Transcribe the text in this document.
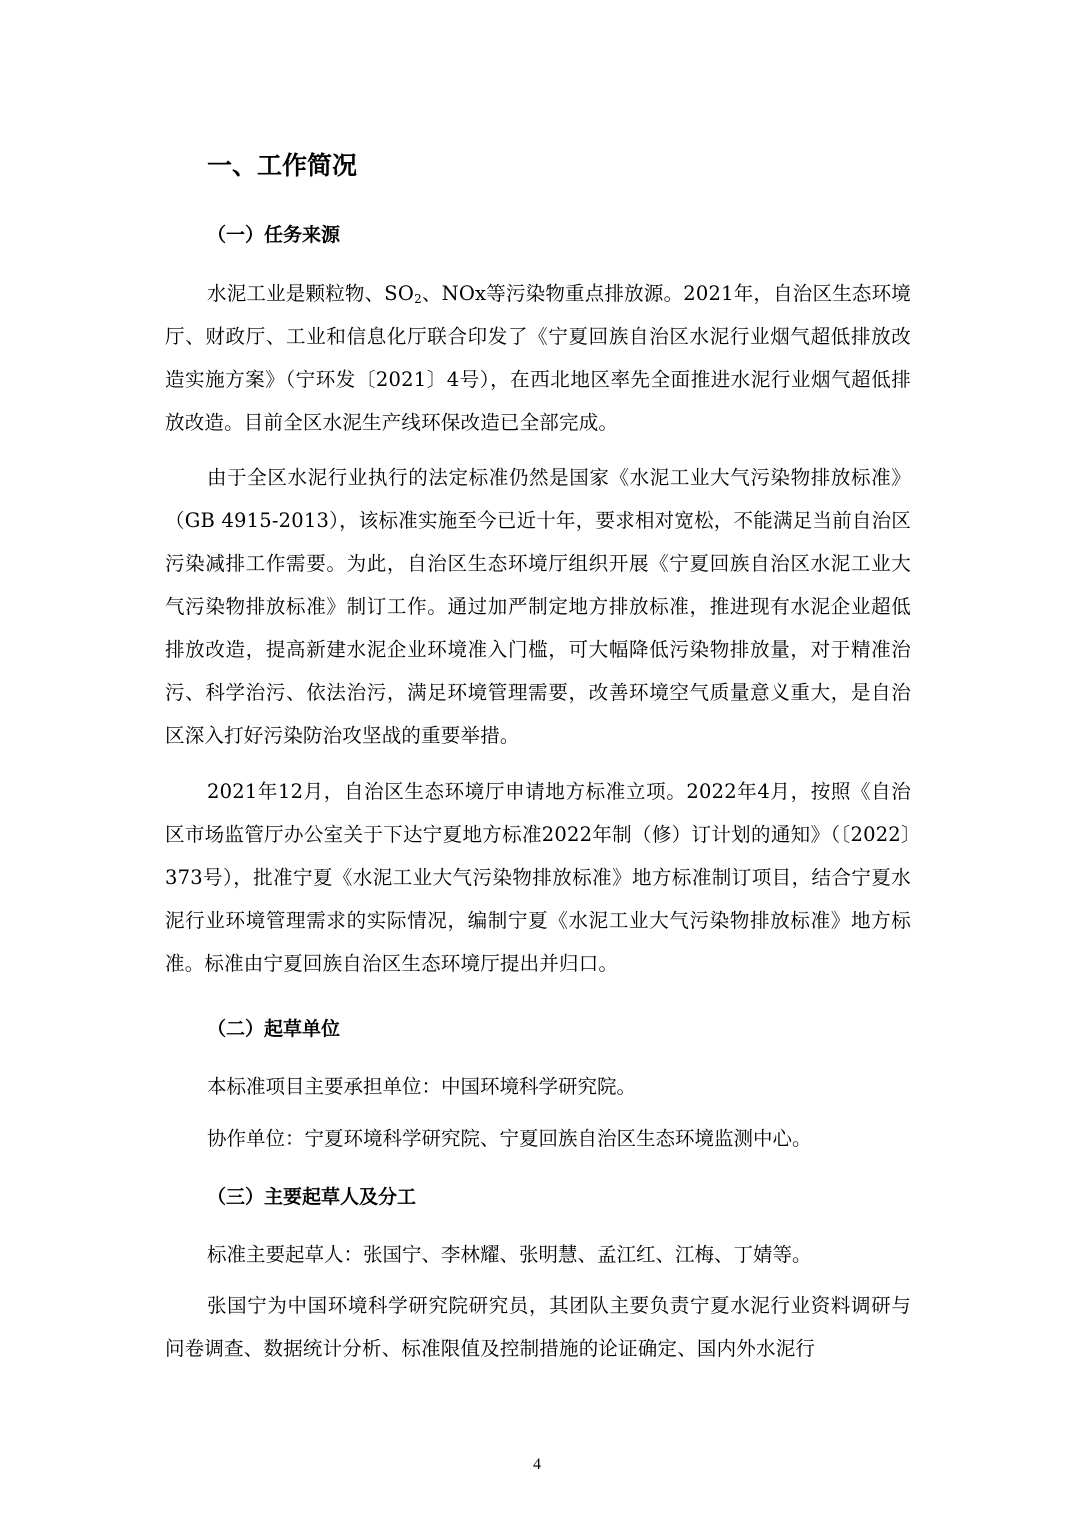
一、工作简况
（一）任务来源
水泥工业是颗粒物、$SO_2$、NOx等污染物重点排放源。2021年，自治区生态环境厅、财政厅、工业和信息化厅联合印发了《宁夏回族自治区水泥行业烟气超低排放改造实施方案》（宁环发〔2021〕4号），在西北地区率先全面推进水泥行业烟气超低排放改造。目前全区水泥生产线环保改造已全部完成。
由于全区水泥行业执行的法定标准仍然是国家《水泥工业大气污染物排放标准》（GB 4915-2013），该标准实施至今已近十年，要求相对宽松，不能满足当前自治区污染减排工作需要。为此，自治区生态环境厅组织开展《宁夏回族自治区水泥工业大气污染物排放标准》制订工作。通过加严制定地方排放标准，推进现有水泥企业超低排放改造，提高新建水泥企业环境准入门槛，可大幅降低污染物排放量，对于精准治污、科学治污、依法治污，满足环境管理需要，改善环境空气质量意义重大，是自治区深入打好污染防治攻坚战的重要举措。
2021年12月，自治区生态环境厅申请地方标准立项。2022年4月，按照《自治区市场监管厅办公室关于下达宁夏地方标准2022年制（修）订计划的通知》（〔2022〕373号），批准宁夏《水泥工业大气污染物排放标准》地方标准制订项目，结合宁夏水泥行业环境管理需求的实际情况，编制宁夏《水泥工业大气污染物排放标准》地方标准。标准由宁夏回族自治区生态环境厅提出并归口。
（二）起草单位
本标准项目主要承担单位：中国环境科学研究院。
协作单位：宁夏环境科学研究院、宁夏回族自治区生态环境监测中心。
（三）主要起草人及分工
标准主要起草人：张国宁、李林耀、张明慧、孟江红、江梅、丁婧等。
张国宁为中国环境科学研究院研究员，其团队主要负责宁夏水泥行业资料调研与问卷调查、数据统计分析、标准限值及控制措施的论证确定、国内外水泥行
4
